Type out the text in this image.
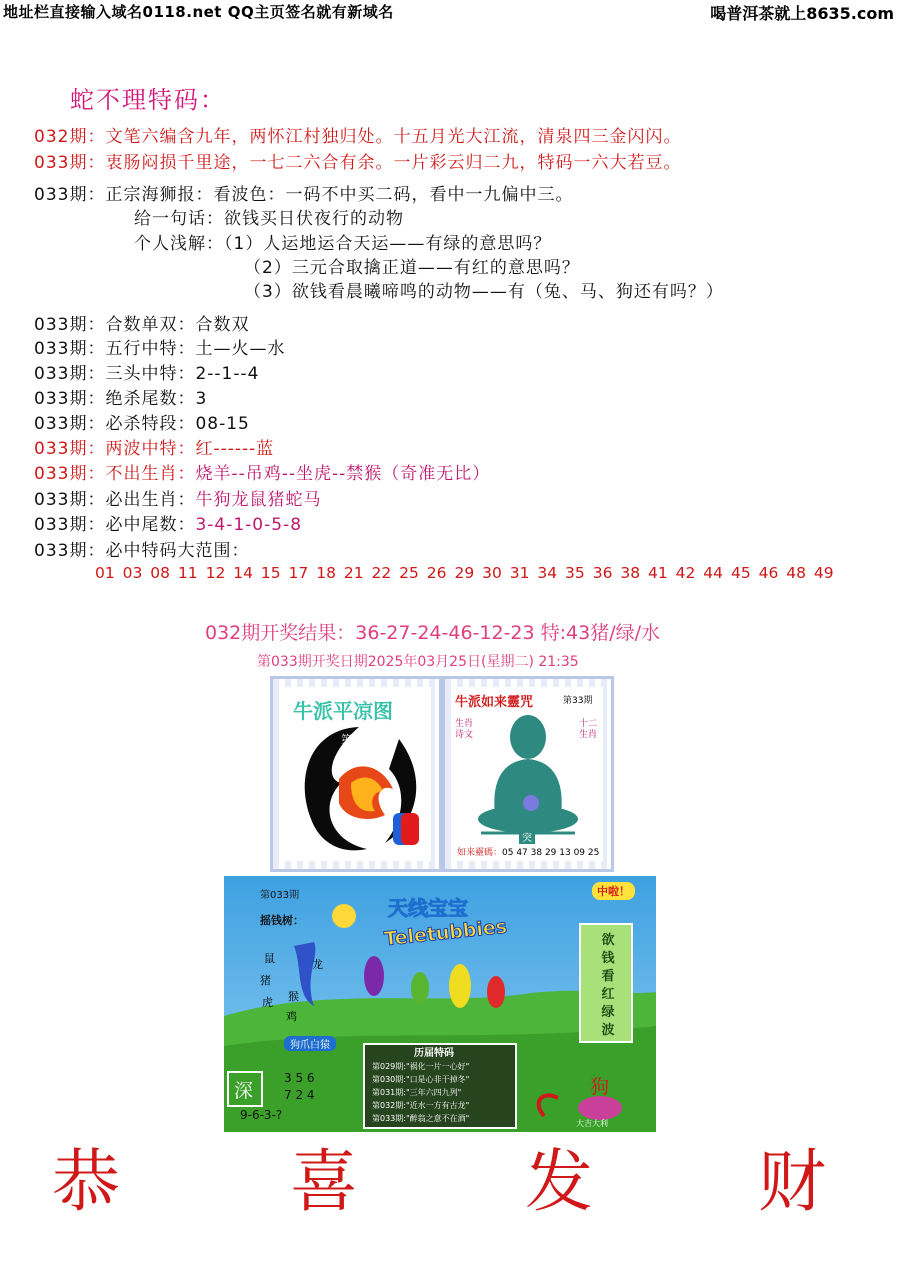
地址栏直接输入域名0118.net QQ主页签名就有新域名	喝普洱茶就上8635.com
蛇不理特码：
032期：文笔六编含九年，两怀江村独归处。十五月光大江流，清泉四三金闪闪。
033期：衷肠闷损千里途，一七二六合有余。一片彩云归二九，特码一六大若豆。
033期：正宗海狮报：看波色：一码不中买二码，看中一九偏中三。
给一句话：欲钱买日伏夜行的动物
个人浅解：（1）人运地运合天运——有绿的意思吗？
（2）三元合取擒正道——有红的意思吗？
（3）欲钱看晨曦啼鸣的动物——有（兔、马、狗还有吗？）
033期：合数单双：合数双
033期：五行中特：土—火—水
033期：三头中特：2--1--4
033期：绝杀尾数：3
033期：必杀特段：08-15
033期：两波中特：红------蓝
033期：不出生肖：烧羊--吊鸡--坐虎--禁猴（奇准无比）
033期：必出生肖：牛狗龙鼠猪蛇马
033期：必中尾数：3-4-1-0-5-8
033期：必中特码大范围：
01 03 08 11 12 14 15 17 18 21 22 25 26 29 30 31 34 35 36 38 41 42 44 45 46 48 49
032期开奖结果：36-27-24-46-12-23 特:43猪/绿/水
第033期开奖日期2025年03月25日(星期二) 21:35
牛派平凉图
第33期
牛派如来靈咒	第33期
生肖诗文
十二生肖
突
如来靈碼：05 47 38 29 13 09 25
第033期
天线宝宝
Teletubbies
中啦！
摇钱树：
鼠
猪
虎
龙
猴
鸡
狗爪白猿
欲钱
看红
绿波
深
3 5 6
7 2 4
9-6-3-?
历届特码
第029期:"祸化一片一心好"
第030期:"口是心非干掉冬"
第031期:"三年六四九列"
第032期:"近水一方有古龙"
第033期:"醉翁之意不在酒"
狗
大吉大利
恭 喜 发 财
